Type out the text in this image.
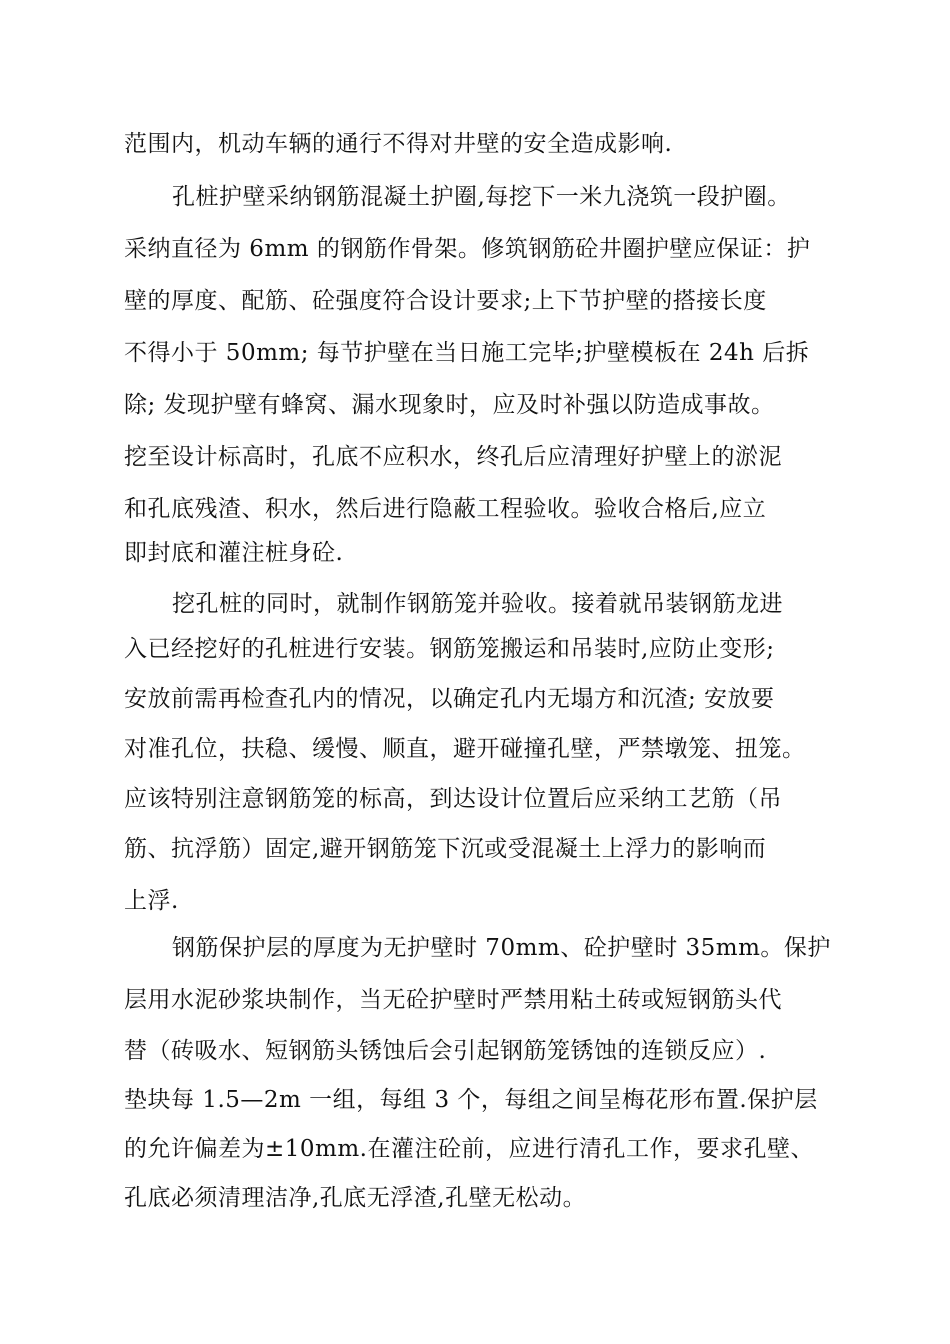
范围内，机动车辆的通行不得对井壁的安全造成影响.
孔桩护壁采纳钢筋混凝土护圈,每挖下一米九浇筑一段护圈。
采纳直径为 6mm 的钢筋作骨架。修筑钢筋砼井圈护壁应保证：护
壁的厚度、配筋、砼强度符合设计要求;上下节护壁的搭接长度
不得小于 50mm; 每节护壁在当日施工完毕;护壁模板在 24h 后拆
除; 发现护壁有蜂窝、漏水现象时，应及时补强以防造成事故。
挖至设计标高时，孔底不应积水，终孔后应清理好护壁上的淤泥
和孔底残渣、积水，然后进行隐蔽工程验收。验收合格后,应立
即封底和灌注桩身砼.
挖孔桩的同时，就制作钢筋笼并验收。接着就吊装钢筋龙进
入已经挖好的孔桩进行安装。钢筋笼搬运和吊装时,应防止变形;
安放前需再检查孔内的情况，以确定孔内无塌方和沉渣; 安放要
对准孔位，扶稳、缓慢、顺直，避开碰撞孔壁，严禁墩笼、扭笼。
应该特别注意钢筋笼的标高，到达设计位置后应采纳工艺筋（吊
筋、抗浮筋）固定,避开钢筋笼下沉或受混凝土上浮力的影响而
上浮.
钢筋保护层的厚度为无护壁时 70mm、砼护壁时 35mm。保护
层用水泥砂浆块制作，当无砼护壁时严禁用粘土砖或短钢筋头代
替（砖吸水、短钢筋头锈蚀后会引起钢筋笼锈蚀的连锁反应）.
垫块每 1.5—2m 一组，每组 3 个，每组之间呈梅花形布置.保护层
的允许偏差为±10mm.在灌注砼前，应进行清孔工作，要求孔壁、
孔底必须清理洁净,孔底无浮渣,孔壁无松动。
